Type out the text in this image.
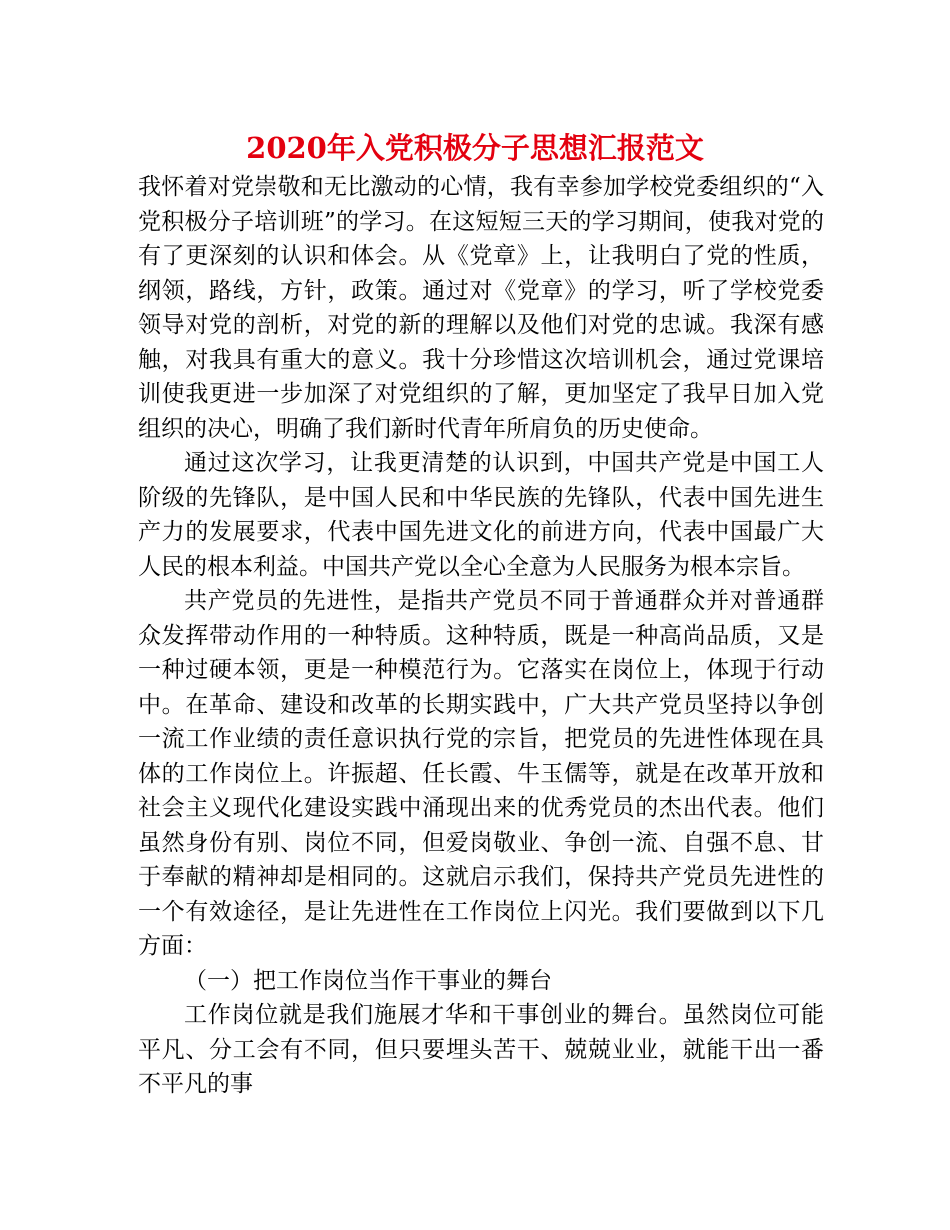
2020年入党积极分子思想汇报范文

我怀着对党崇敬和无比激动的心情，我有幸参加学校党委组织的“入党积极分子培训班”的学习。在这短短三天的学习期间，使我对党的有了更深刻的认识和体会。从《党章》上，让我明白了党的性质，纲领，路线，方针，政策。通过对《党章》的学习，听了学校党委领导对党的剖析，对党的新的理解以及他们对党的忠诚。我深有感触，对我具有重大的意义。我十分珍惜这次培训机会，通过党课培训使我更进一步加深了对党组织的了解，更加坚定了我早日加入党组织的决心，明确了我们新时代青年所肩负的历史使命。

通过这次学习，让我更清楚的认识到，中国共产党是中国工人阶级的先锋队，是中国人民和中华民族的先锋队，代表中国先进生产力的发展要求，代表中国先进文化的前进方向，代表中国最广大人民的根本利益。中国共产党以全心全意为人民服务为根本宗旨。

共产党员的先进性，是指共产党员不同于普通群众并对普通群众发挥带动作用的一种特质。这种特质，既是一种高尚品质，又是一种过硬本领，更是一种模范行为。它落实在岗位上，体现于行动中。在革命、建设和改革的长期实践中，广大共产党员坚持以争创一流工作业绩的责任意识执行党的宗旨，把党员的先进性体现在具体的工作岗位上。许振超、任长霞、牛玉儒等，就是在改革开放和社会主义现代化建设实践中涌现出来的优秀党员的杰出代表。他们虽然身份有别、岗位不同，但爱岗敬业、争创一流、自强不息、甘于奉献的精神却是相同的。这就启示我们，保持共产党员先进性的一个有效途径，是让先进性在工作岗位上闪光。我们要做到以下几方面：

（一）把工作岗位当作干事业的舞台

工作岗位就是我们施展才华和干事创业的舞台。虽然岗位可能平凡、分工会有不同，但只要埋头苦干、兢兢业业，就能干出一番不平凡的事
